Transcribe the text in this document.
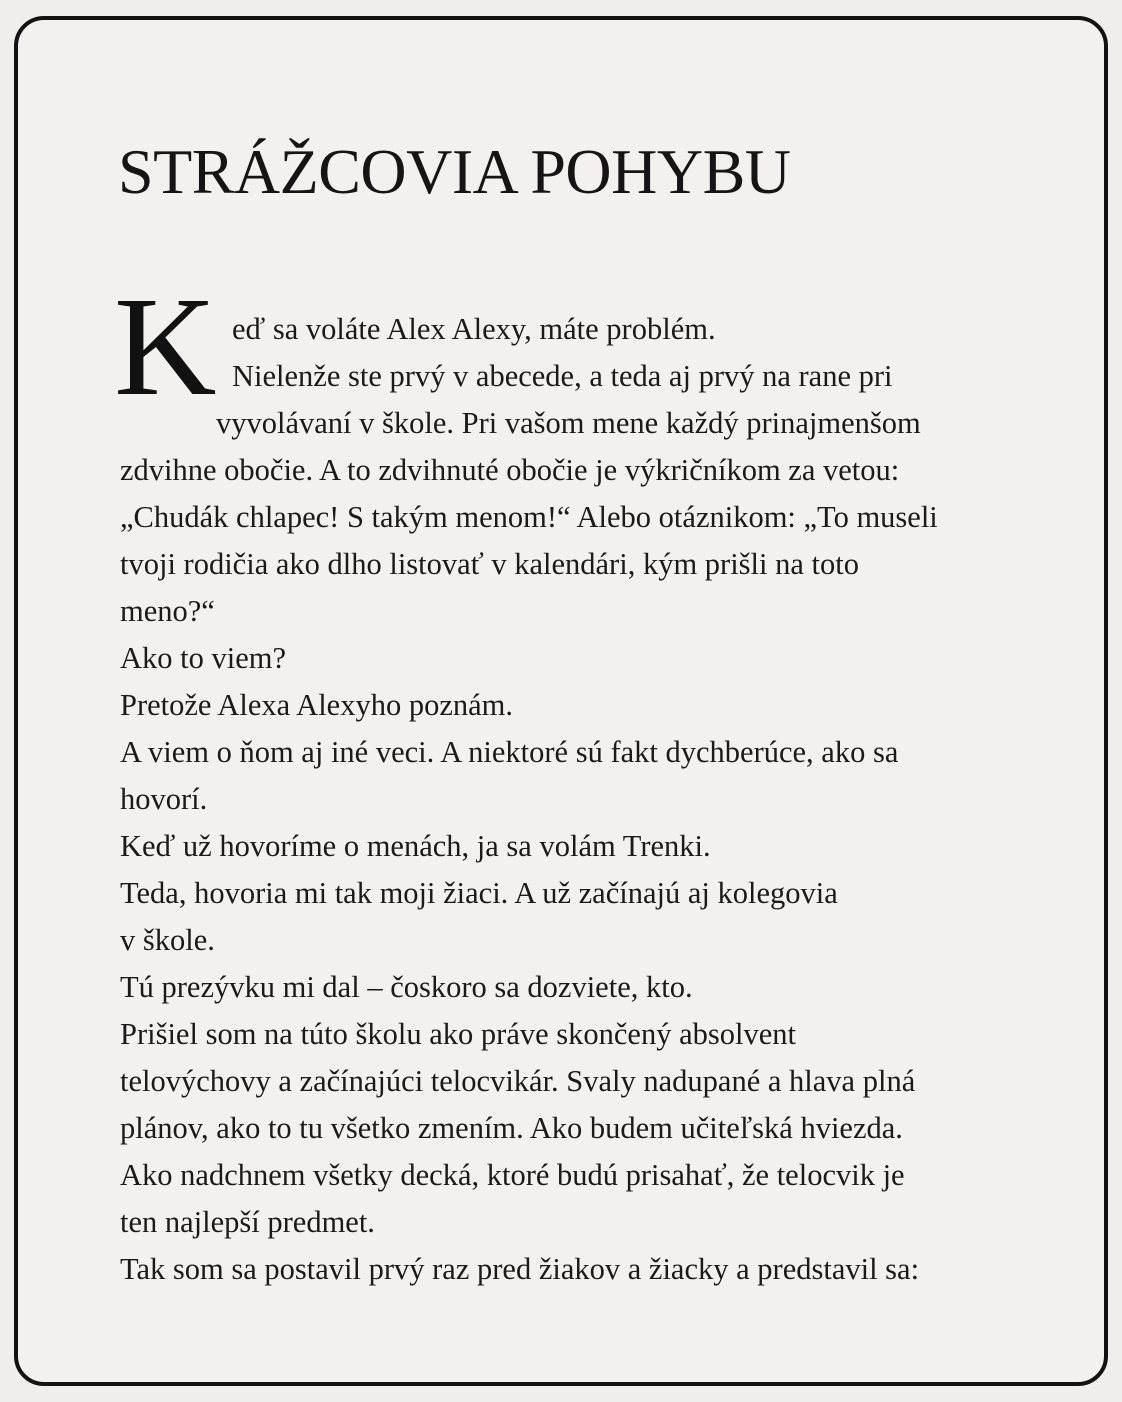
STRÁŽCOVIA POHYBU
K eď sa voláte Alex Alexy, máte problém.
Nielenže ste prvý v abecede, a teda aj prvý na rane pri
vyvolávaní v škole. Pri vašom mene každý prinajmenšom
zdvihne obočie. A to zdvihnuté obočie je výkričníkom za vetou:
„Chudák chlapec! S takým menom!“ Alebo otáznikom: „To museli
tvoji rodičia ako dlho listovať v kalendári, kým prišli na toto
meno?“
Ako to viem?
Pretože Alexa Alexyho poznám.
A viem o ňom aj iné veci. A niektoré sú fakt dychberúce, ako sa
hovorí.
Keď už hovoríme o menách, ja sa volám Trenki.
Teda, hovoria mi tak moji žiaci. A už začínajú aj kolegovia
v škole.
Tú prezývku mi dal – čoskoro sa dozviete, kto.
Prišiel som na túto školu ako práve skončený absolvent
telovýchovy a začínajúci telocvikár. Svaly nadupané a hlava plná
plánov, ako to tu všetko zmením. Ako budem učiteľská hviezda.
Ako nadchnem všetky decká, ktoré budú prisahať, že telocvik je
ten najlepší predmet.
Tak som sa postavil prvý raz pred žiakov a žiacky a predstavil sa:
